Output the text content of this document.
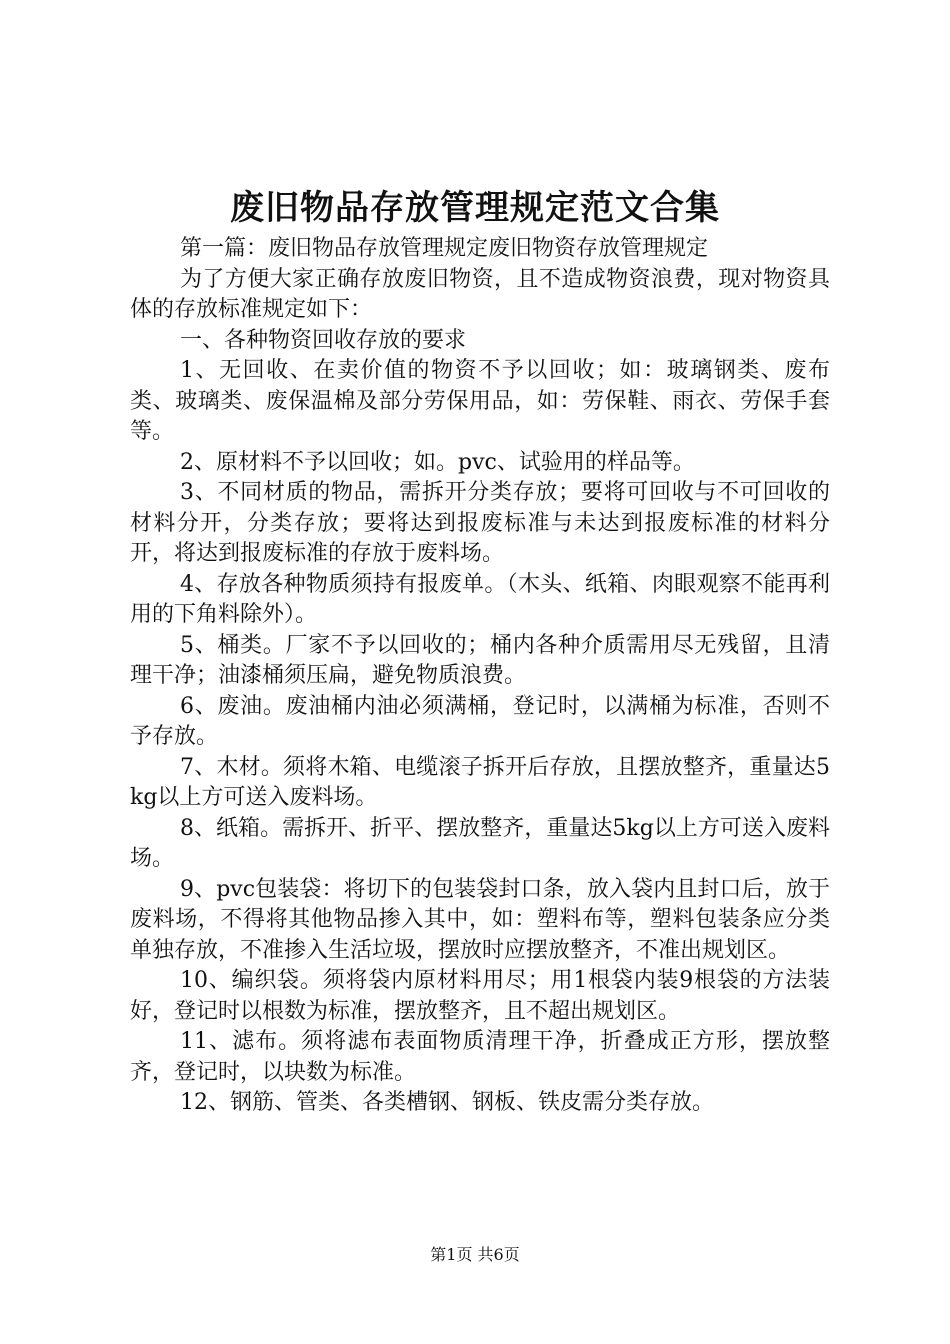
废旧物品存放管理规定范文合集

第一篇：废旧物品存放管理规定废旧物资存放管理规定

为了方便大家正确存放废旧物资，且不造成物资浪费，现对物资具体的存放标准规定如下：

一、各种物资回收存放的要求

1、无回收、在卖价值的物资不予以回收；如：玻璃钢类、废布类、玻璃类、废保温棉及部分劳保用品，如：劳保鞋、雨衣、劳保手套等。

2、原材料不予以回收；如。pvc、试验用的样品等。

3、不同材质的物品，需拆开分类存放；要将可回收与不可回收的材料分开，分类存放；要将达到报废标准与未达到报废标准的材料分开，将达到报废标准的存放于废料场。

4、存放各种物质须持有报废单。（木头、纸箱、肉眼观察不能再利用的下角料除外）。

5、桶类。厂家不予以回收的；桶内各种介质需用尽无残留，且清理干净；油漆桶须压扁，避免物质浪费。

6、废油。废油桶内油必须满桶，登记时，以满桶为标准，否则不予存放。

7、木材。须将木箱、电缆滚子拆开后存放，且摆放整齐，重量达5kg以上方可送入废料场。

8、纸箱。需拆开、折平、摆放整齐，重量达5kg以上方可送入废料场。

9、pvc包装袋：将切下的包装袋封口条，放入袋内且封口后，放于废料场，不得将其他物品掺入其中，如：塑料布等，塑料包装条应分类单独存放，不准掺入生活垃圾，摆放时应摆放整齐，不准出规划区。

10、编织袋。须将袋内原材料用尽；用1根袋内装9根袋的方法装好，登记时以根数为标准，摆放整齐，且不超出规划区。

11、滤布。须将滤布表面物质清理干净，折叠成正方形，摆放整齐，登记时，以块数为标准。

12、钢筋、管类、各类槽钢、钢板、铁皮需分类存放。

第1页 共6页
